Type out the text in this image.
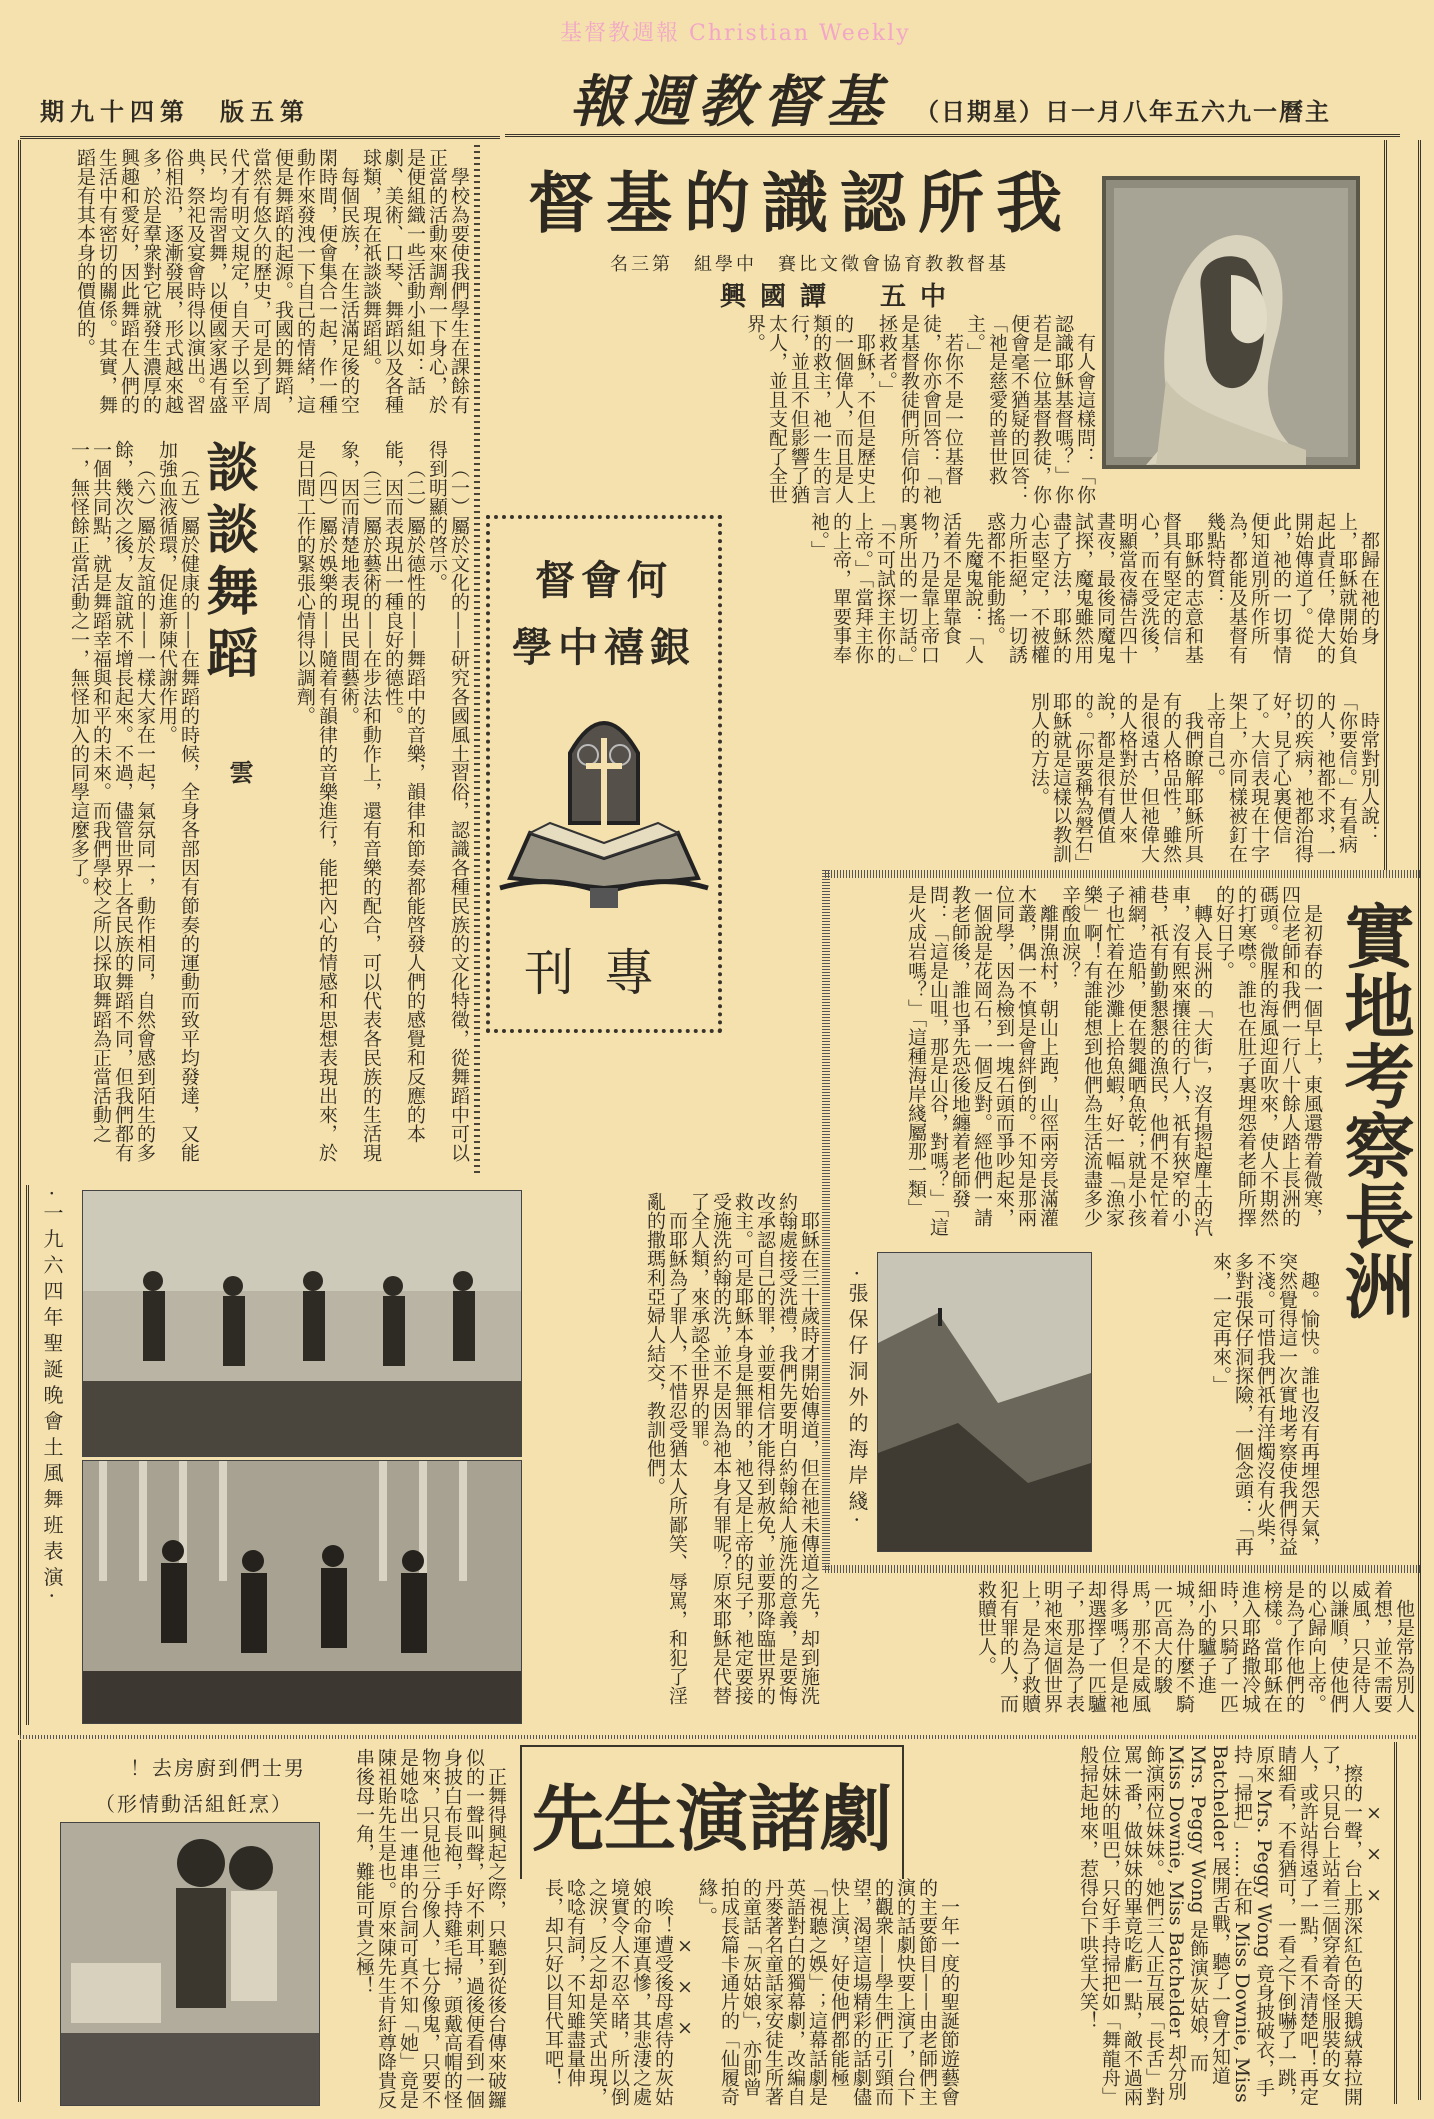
基督教週報 Christian Weekly
第五版　第四十九期	基督教週報 主曆一九六五年八月一日（星期日）

學校為要使我們學生在課餘有正當的活動來調劑一下身心，於是便組織一些活動小組如：話劇、美術、口琴、舞蹈以及各種球類，現在祇談談舞蹈組。

每個民族，在生活滿足後的空閑時間，便會集合一起，作一種動作來發洩一下自己的情緒，這便是舞蹈的起源。我國的舞蹈，當然有悠久的歷史，可是到了周代才有明文規定，自天子以至平民，均需習舞，以便國家遇有盛典，祭祀及宴會時得以演出。習俗相沿，逐漸發展，形式越來越多，於是羣衆對它就發生濃厚的興趣和愛好，因此舞蹈在人們的生活中有密切的關係。其實，舞蹈是有其本身的價值的。

談談舞蹈
雲	（一）屬於文化的——研究各國風土習俗，認識各種民族的文化特徵，從舞蹈中可以得到明顯的啓示。

（二）屬於德性的——舞蹈中的音樂，韻律和節奏都能啓發人們的感覺和反應的本能，因而表現出一種良好的德性。

（三）屬於藝術的——在步法和動作上，還有音樂的配合，可以代表各民族的生活現象，因而清楚地表現出民間藝術。

（四）屬於娛樂的——隨着有韻律的音樂進行，能把內心的情感和思想表現出來，於是日間工作的緊張心情得以調劑。

（五）屬於健康的——在舞蹈的時候，全身各部因有節奏的運動而致平均發達，又能加強血液循環，促進新陳代謝作用。

（六）屬於友誼的——一樣大家在一起，氣氛同一，動作相同，自然會感到陌生的多餘，幾次之後，友誼就不增長起來。不過，儘管世界上各民族的舞蹈不同，但我們都有一個共同點，就是舞蹈幸福與和平的未來。而我們學校之所以採取舞蹈為正當活動之一，無怪餘正當活動之一，無怪加入的同學這麼多了。

我所認識的基督
基督教教育協會徵文比賽　中學組　第三名
中五　譚國興

有人會這樣問：「你認識耶穌基督嗎？」你若是一位基督教徒，你便會毫不猶疑的回答：「祂是慈愛的普世救主。」

若你不是一位基督徒，你亦會回答：「祂是基督教徒們所信仰的拯救者。」

耶穌，不但是歷史上的一個偉人，而且是人類的救主，祂一生的言行，並且不但影響了猶太人，並且支配了全世界。

都歸在祂的身上，耶穌就開始負起此責任，偉大的開始傳道了。從此，祂的一切事情便知道別所作所為，都能及基督有幾點特質：

耶穌的志意和基督具有堅定的信心，而在受洗後，明顯當夜禱告四十晝夜，最後同魔鬼試探，魔鬼雖然用盡了方法，耶穌的心志堅定，不被權力所拒絕，一切誘惑都不能動搖。

先魔鬼說：「人活着不是單靠食物，乃是靠上帝口裏所出的一切話。」「不可試探主你的上帝。」「當拜主你的上帝，單要事奉祂。」

時常對別人說：「你要信。」有看病的人，祂都不求，一切的疾病，祂都治得好，見了心裏便信了。大信表現在十字架上，亦同樣被釘在上帝自己。

我們瞭解耶穌所具有的人格品性，雖然是很遠古，但祂偉大的人格對於世人來說，都是很有價值的。「你要稱為磐石」耶穌就是這樣以教訓別人的方法。

耶穌在三十歲時才開始傳道，但在祂未傳道之先，却到施洗約翰處接受洗禮，我們先要明白約翰給人施洗的意義，是要悔改承認自己的罪，並要相信才能得到赦免，並要那降臨世界的救主。可是耶穌本身是無罪的，祂又是上帝的兒子，祂定要接受施洗約翰的洗，並不是因為祂本身有罪呢？原來耶穌是代替了全人類，來承認全世界的罪。

而耶穌為了罪人，不惜忍受猶太人所鄙笑、辱罵，和犯了淫亂的撒瑪利亞婦人結交，教訓他們。

何會督
銀禧中學
專刊	實地考察長洲

是初春的一個早上，東風還帶着微寒，四位老師和我們一行八十餘人踏上長洲的碼頭。微腥的海風迎面吹來，使人不期然的打寒噤。誰也在肚子裏埋怨着老師所擇的好日子。

轉入長洲的「大街」，沒有揚起塵土的汽車，沒有熙來攘往的行人，祇有狹窄的小巷，祇有勤勤懇懇的漁民，他們不是忙着補網，造船，便在製繩晒魚乾；就是小孩子也忙着在沙灘上拾魚蝦，好一幅「漁家樂」啊！有誰能想到他們為生活流盡多少辛酸血淚？

離開漁村，朝山上跑，山徑兩旁長滿灌木叢，偶一不慎是會絆倒的。不知是那兩位同學，因為檢到一塊石頭而爭吵起來，一個說是花岡石，一個反對。經他們一請教老師後，誰也爭先恐後地纏着老師發問：「這是山咀，那是山谷，對嗎？」「這是火成岩嗎？」「這種海岸綫屬那一類」

趣。愉快。誰也沒有再埋怨天氣，突然覺得這一次實地考察使我們得益不淺。可惜我們祇有洋燭沒有火柴，多對張保仔洞探險，一個念頭：「再來，一定再來。」

·張保仔洞外的海岸綫·

他是常為別人着想，並不需要威風，只是待人以謙順，使他們的心歸向上帝。是為了作他們的榜樣。當耶穌在進入耶路撒冷城時，只騎了一匹細小的驢子進城，為什麼不騎一匹高大的駿馬，那不是威風得多嗎？但是祂却選擇了一匹驢子，那是為了表明祂來這個世界上，是為了救贖犯有罪的人，而救贖世人。

·一九六四年聖誕晚會土風舞班表演·
男士們到廚房去！
（烹飪組活動情形）	正舞得興起之際，只聽到從後台傳來破鑼似的一聲叫聲，好不刺耳，過後便看到一個身披白布長袍，手持雞毛掃，頭戴高帽的怪物來，只見他三分像人，七分像鬼，只要不是她唸出一連串的台詞可真不知「她」竟是陳祖貽先生是也。原來陳先生肯紆尊降貴反串後母一角，難能可貴之極！	先生演諸劇

一年一度的聖誕節遊藝會的主要節目——由老師們主演的話劇快要上演了，台下的觀衆——學生們正引頸而望，渴望這場精彩的話劇儘快上演，好使他們都能極「視聽之娛」；這幕話劇是英語對白的獨幕劇，改編自丹麥著名童話家安徒生所著的童話「灰姑娘」，亦即曾拍成長篇卡通片的「仙履奇緣」。

×　×　×

唉！遭受後母虐待的灰姑娘的命運真慘，其悲淒之處境實令人不忍卒睹，所以倒之淚，反之却是笑式出現，唸唸有詞，不知雖盡量伸長，却只好以目代耳吧！

×　×　×

擦的一聲，台上那深紅色的天鵝絨幕拉開了，只見台上站着三個穿着奇怪服裝的女人，或許站得遠了一點，看不清楚吧！再定睛細看，不看猶可，一看之下倒嚇了一跳，原來 Mrs. Peggy Wong 竟身披破衣，手持「掃把」……在和 Miss Downie, Miss Batchelder 展開舌戰，聽了一會才知道 Mrs. Peggy Wong 是飾演灰姑娘，而 Miss Downie, Miss Batchelder 却分別飾演兩位妹妹。她們三人正互展「長舌」對罵一番，做妹妹的畢竟吃虧一點，敵不過兩位妹妹的咀巴，只好手持掃把如「舞龍舟」般掃起地來，惹得台下哄堂大笑！
